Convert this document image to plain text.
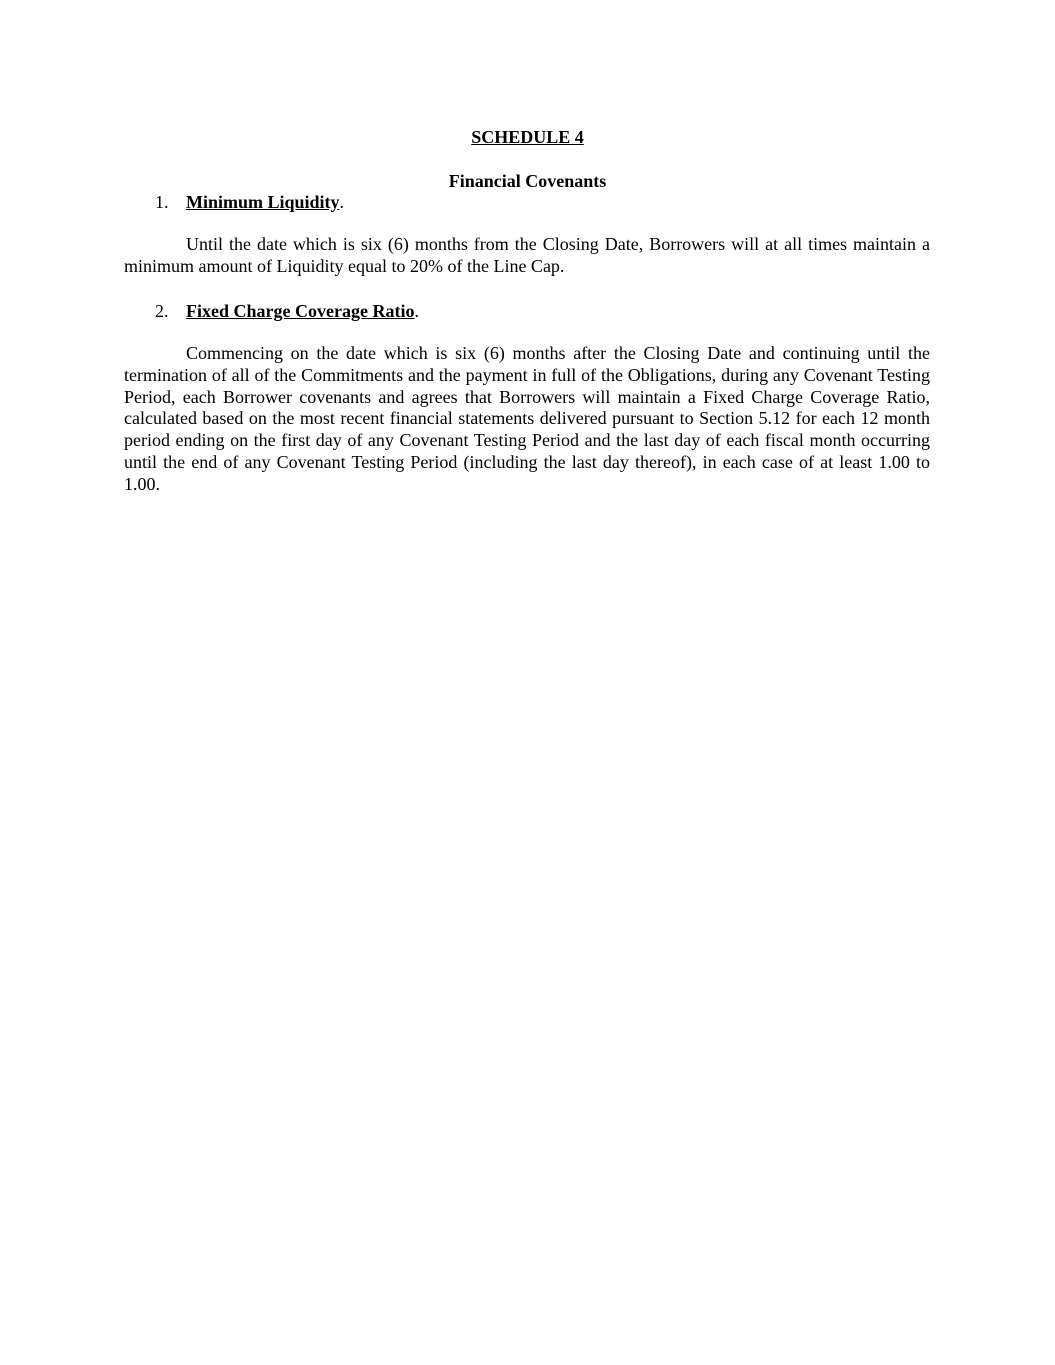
SCHEDULE 4
Financial Covenants
1. Minimum Liquidity.
Until the date which is six (6) months from the Closing Date, Borrowers will at all times maintain a minimum amount of Liquidity equal to 20% of the Line Cap.
2. Fixed Charge Coverage Ratio.
Commencing on the date which is six (6) months after the Closing Date and continuing until the termination of all of the Commitments and the payment in full of the Obligations, during any Covenant Testing Period, each Borrower covenants and agrees that Borrowers will maintain a Fixed Charge Coverage Ratio, calculated based on the most recent financial statements delivered pursuant to Section 5.12 for each 12 month period ending on the first day of any Covenant Testing Period and the last day of each fiscal month occurring until the end of any Covenant Testing Period (including the last day thereof), in each case of at least 1.00 to 1.00.
